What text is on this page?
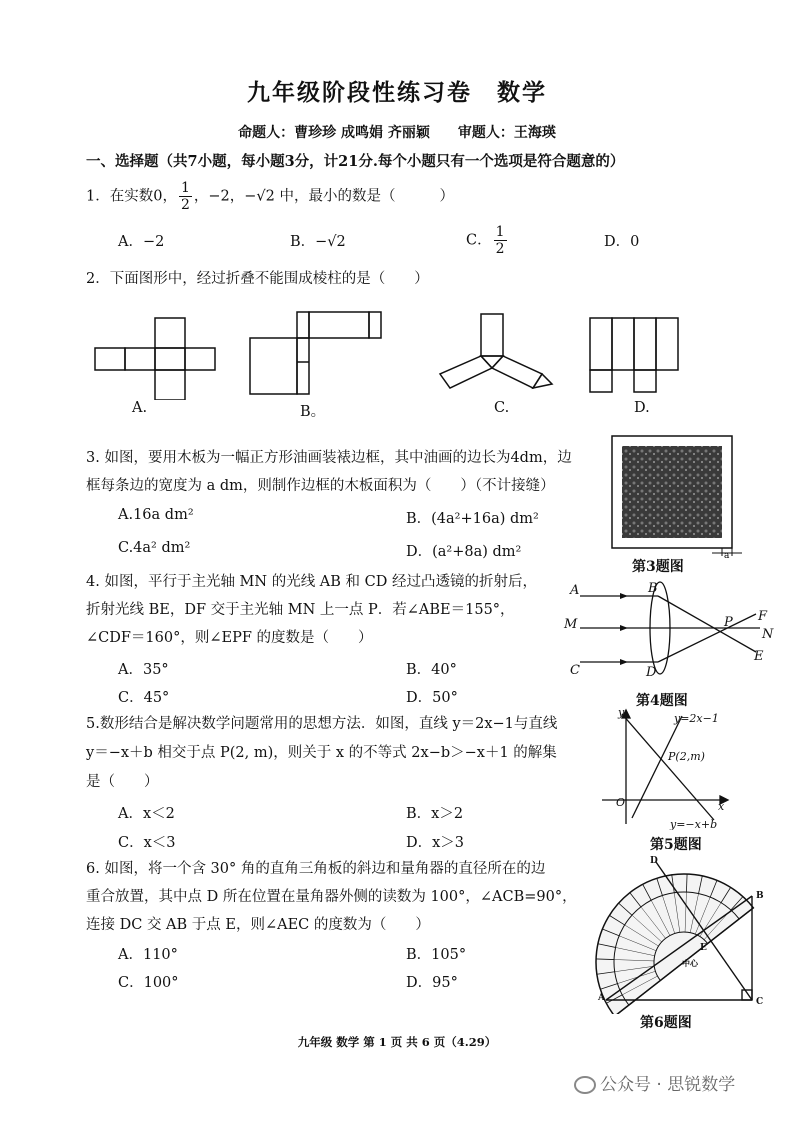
九年级阶段性练习卷　数学
命题人：曹珍珍 成鸣娟 齐丽颖　　审题人：王海瑛
一、选择题（共7小题，每小题3分，计21分.每个小题只有一个选项是符合题意的）
1．在实数0， $\frac{1}{2}$ ，−2，−√2 中，最小的数是（	）
A．−2	B．−√2	C． $\frac{1}{2}$	D．0
2．下面图形中，经过折叠不能围成棱柱的是（　　）
A.	B。	C.	D.
3. 如图，要用木板为一幅正方形油画装裱边框，其中油画的边长为4dm，边
框每条边的宽度为 a dm，则制作边框的木板面积为（　　）（不计接缝）
A.16a dm²	B．(4a²+16a) dm²
C.4a² dm²	D．(a²+8a) dm²	a
第3题图
4. 如图，平行于主光轴 MN 的光线 AB 和 CD 经过凸透镜的折射后，
折射光线 BE，DF 交于主光轴 MN 上一点 P．若∠ABE＝155°，
∠CDF＝160°，则∠EPF 的度数是（　　）
A．35°	B．40°
C．45°	D．50°
A	B
M
C	D
P F
N
E
第4题图
5.数形结合是解决数学问题常用的思想方法．如图，直线 y＝2x−1与直线
y＝−x＋b 相交于点 P(2, m)，则关于 x 的不等式 2x−b＞−x＋1 的解集
是（　　）
A．x＜2	B．x＞2
C．x＜3	D．x＞3
y	y=2x−1
P(2,m)
O	x
y=−x+b
第5题图
6. 如图，将一个含 30° 角的直角三角板的斜边和量角器的直径所在的边
重合放置，其中点 D 所在位置在量角器外侧的读数为 100°，∠ACB=90°，
连接 DC 交 AB 于点 E，则∠AEC 的度数为（　　）
A．110°	B．105°
C．100°	D．95°
D
B
E
中心
A	C
第6题图
九年级 数学 第 1 页 共 6 页（4.29）
公众号 · 思锐数学
